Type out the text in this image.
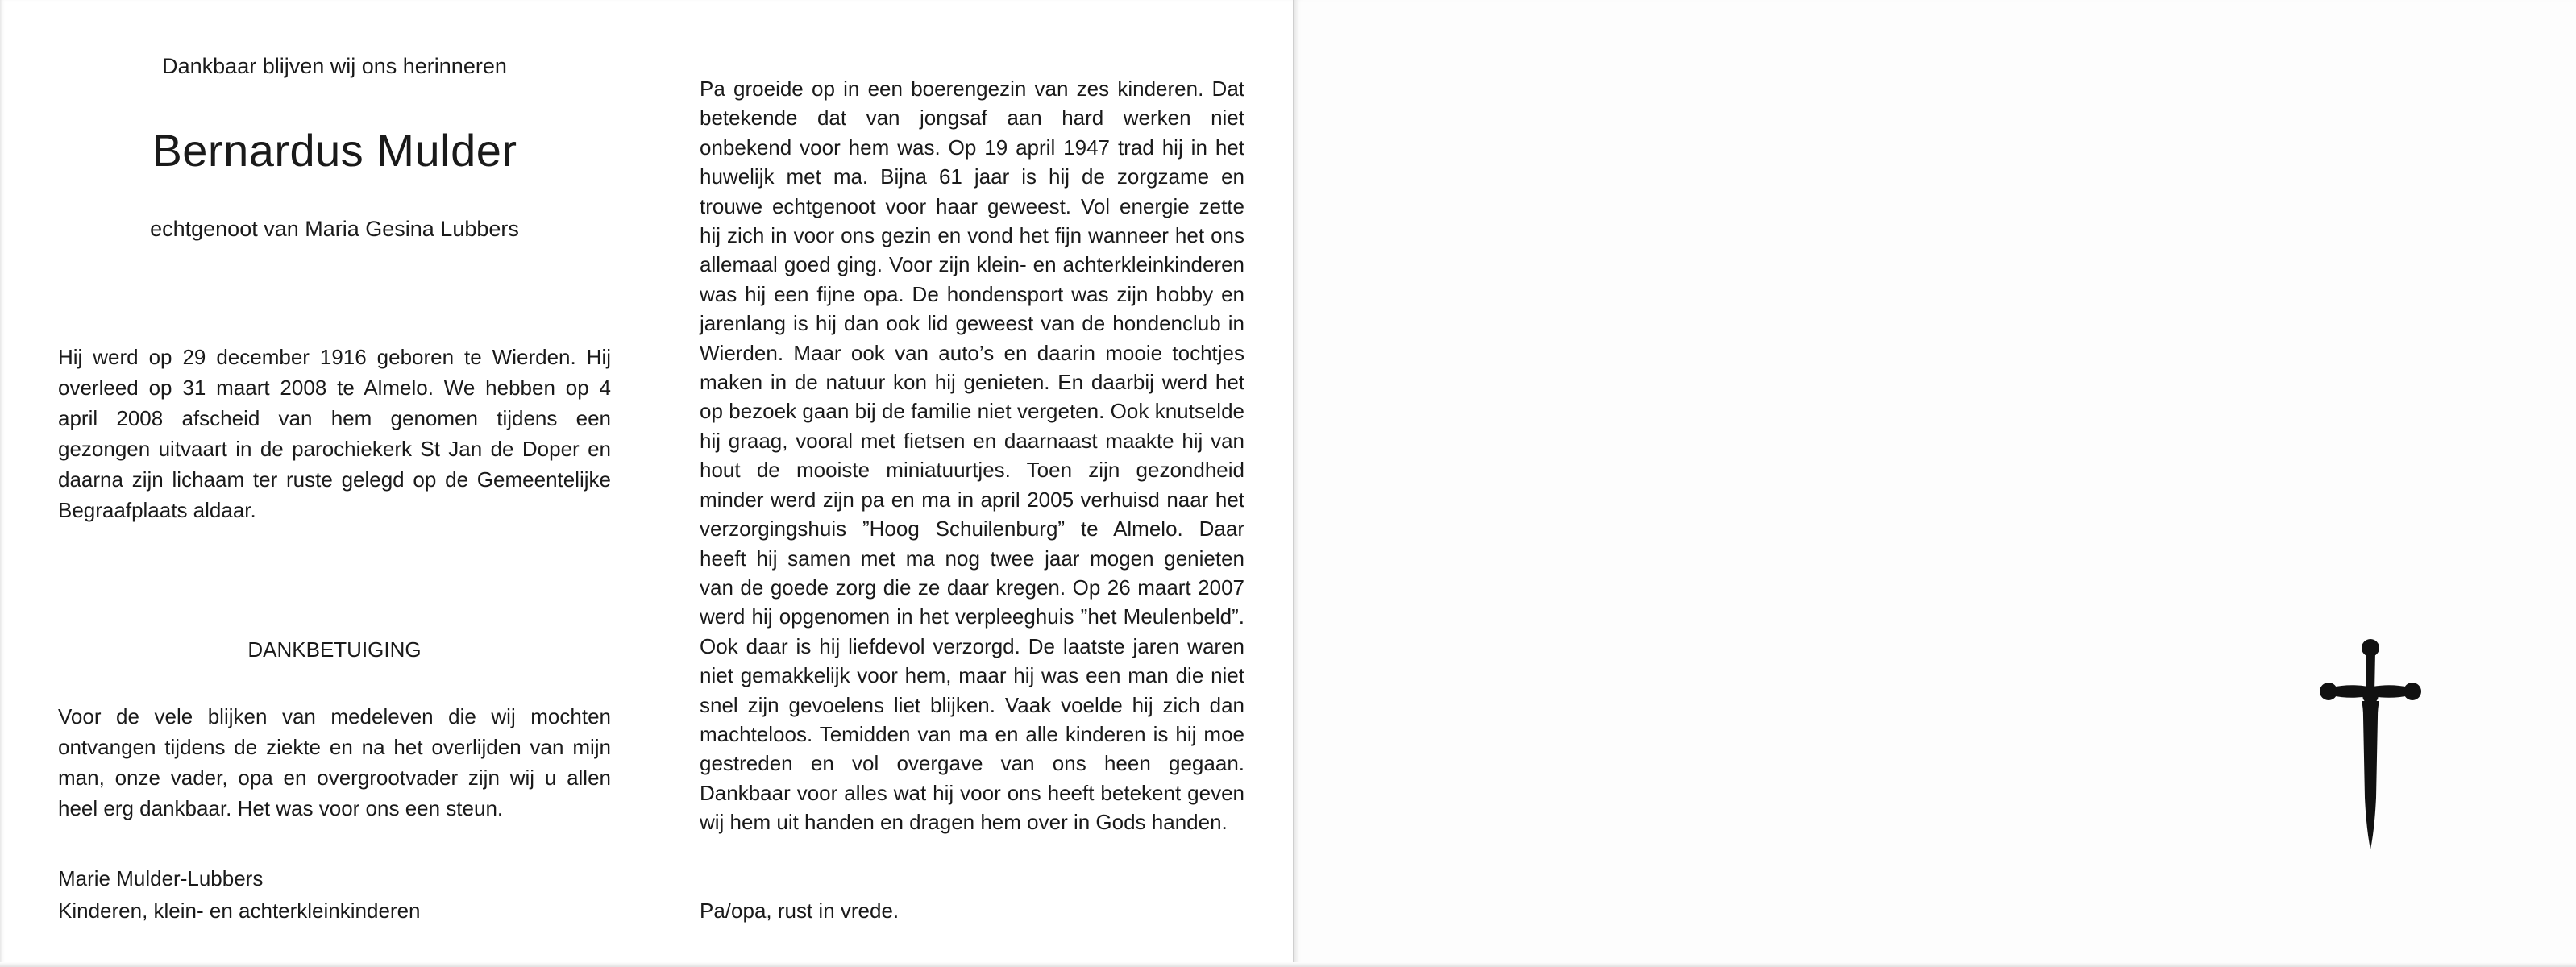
Dankbaar blijven wij ons herinneren
Bernardus Mulder
echtgenoot van Maria Gesina Lubbers
Hij werd op 29 december 1916 geboren te Wierden. Hij overleed op 31 maart 2008 te Almelo. We hebben op 4 april 2008 afscheid van hem genomen tijdens een gezongen uitvaart in de parochiekerk St Jan de Doper en daarna zijn lichaam ter ruste gelegd op de Gemeentelijke Begraafplaats aldaar.
DANKBETUIGING
Voor de vele blijken van medeleven die wij mochten ontvangen tijdens de ziekte en na het overlijden van mijn man, onze vader, opa en overgrootvader zijn wij u allen heel erg dankbaar. Het was voor ons een steun.
Marie Mulder-Lubbers
Kinderen, klein- en achterkleinkinderen
Pa groeide op in een boerengezin van zes kinderen. Dat betekende dat van jongsaf aan hard werken niet onbekend voor hem was. Op 19 april 1947 trad hij in het huwelijk met ma. Bijna 61 jaar is hij de zorgzame en trouwe echtgenoot voor haar geweest. Vol energie zette hij zich in voor ons gezin en vond het fijn wanneer het ons allemaal goed ging. Voor zijn klein- en achterkleinkinderen was hij een fijne opa. De hondensport was zijn hobby en jarenlang is hij dan ook lid geweest van de hondenclub in Wierden. Maar ook van auto’s en daarin mooie tochtjes maken in de natuur kon hij genieten. En daarbij werd het op bezoek gaan bij de familie niet vergeten. Ook knutselde hij graag, vooral met fietsen en daarnaast maakte hij van hout de mooiste miniatuurtjes. Toen zijn gezondheid minder werd zijn pa en ma in april 2005 verhuisd naar het verzorgingshuis ”Hoog Schuilenburg” te Almelo. Daar heeft hij samen met ma nog twee jaar mogen genieten van de goede zorg die ze daar kregen. Op 26 maart 2007 werd hij opgenomen in het verpleeghuis ”het Meulenbeld”. Ook daar is hij liefdevol verzorgd. De laatste jaren waren niet gemakkelijk voor hem, maar hij was een man die niet snel zijn gevoelens liet blijken. Vaak voelde hij zich dan machteloos. Temidden van ma en alle kinderen is hij moe gestreden en vol overgave van ons heen gegaan. Dankbaar voor alles wat hij voor ons heeft betekent geven wij hem uit handen en dragen hem over in Gods handen.
Pa/opa, rust in vrede.
